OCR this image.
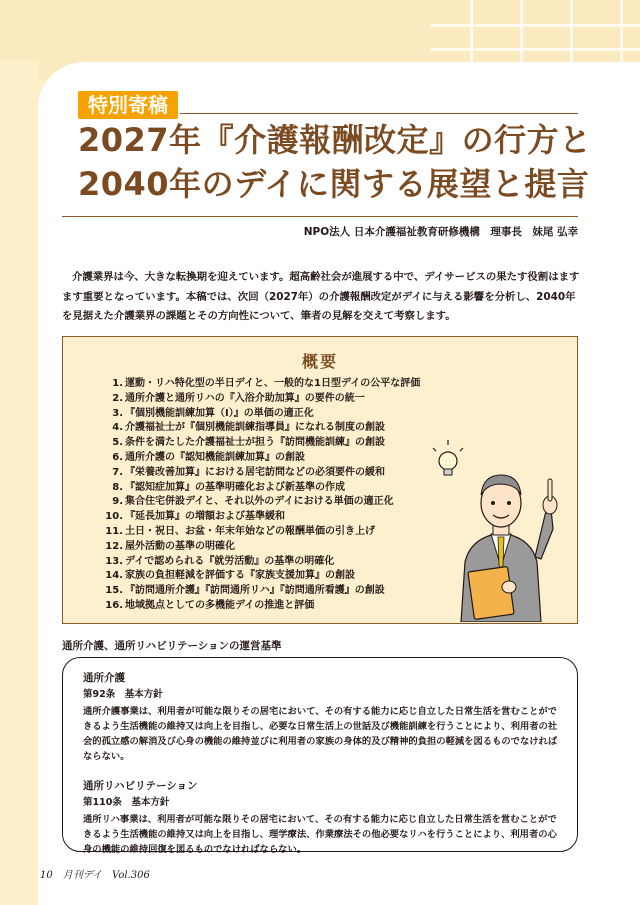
特別寄稿
2027年『介護報酬改定』の行方と
2040年のデイに関する展望と提言
NPO法人 日本介護福祉教育研修機構　理事長　妹尾 弘幸

介護業界は今、大きな転換期を迎えています。超高齢社会が進展する中で、デイサービスの果たす役割はますます重要となっています。本稿では、次回（2027年）の介護報酬改定がデイに与える影響を分析し、2040年を見据えた介護業界の課題とその方向性について、筆者の見解を交えて考察します。

概要
1. 運動・リハ特化型の半日デイと、一般的な1日型デイの公平な評価
2. 通所介護と通所リハの『入浴介助加算』の要件の統一
3. 『個別機能訓練加算（Ⅰ）』の単価の適正化
4. 介護福祉士が『個別機能訓練指導員』になれる制度の創設
5. 条件を満たした介護福祉士が担う『訪問機能訓練』の創設
6. 通所介護の『認知機能訓練加算』の創設
7. 『栄養改善加算』における居宅訪問などの必須要件の緩和
8. 『認知症加算』の基準明確化および新基準の作成
9. 集合住宅併設デイと、それ以外のデイにおける単価の適正化
10. 『延長加算』の増額および基準緩和
11. 土日・祝日、お盆・年末年始などの報酬単価の引き上げ
12. 屋外活動の基準の明確化
13. デイで認められる『就労活動』の基準の明確化
14. 家族の負担軽減を評価する『家族支援加算』の創設
15. 『訪問通所介護』『訪問通所リハ』『訪問通所看護』の創設
16. 地域拠点としての多機能デイの推進と評価
通所介護、通所リハビリテーションの運営基準
通所介護
第92条　基本方針

通所介護事業は、利用者が可能な限りその居宅において、その有する能力に応じ自立した日常生活を営むことができるよう生活機能の維持又は向上を目指し、必要な日常生活上の世話及び機能訓練を行うことにより、利用者の社会的孤立感の解消及び心身の機能の維持並びに利用者の家族の身体的及び精神的負担の軽減を図るものでなければならない。

通所リハビリテーション
第110条　基本方針

通所リハ事業は、利用者が可能な限りその居宅において、その有する能力に応じ自立した日常生活を営むことができるよう生活機能の維持又は向上を目指し、理学療法、作業療法その他必要なリハを行うことにより、利用者の心身の機能の維持回復を図るものでなければならない。

10　月刊デイ　Vol.306
